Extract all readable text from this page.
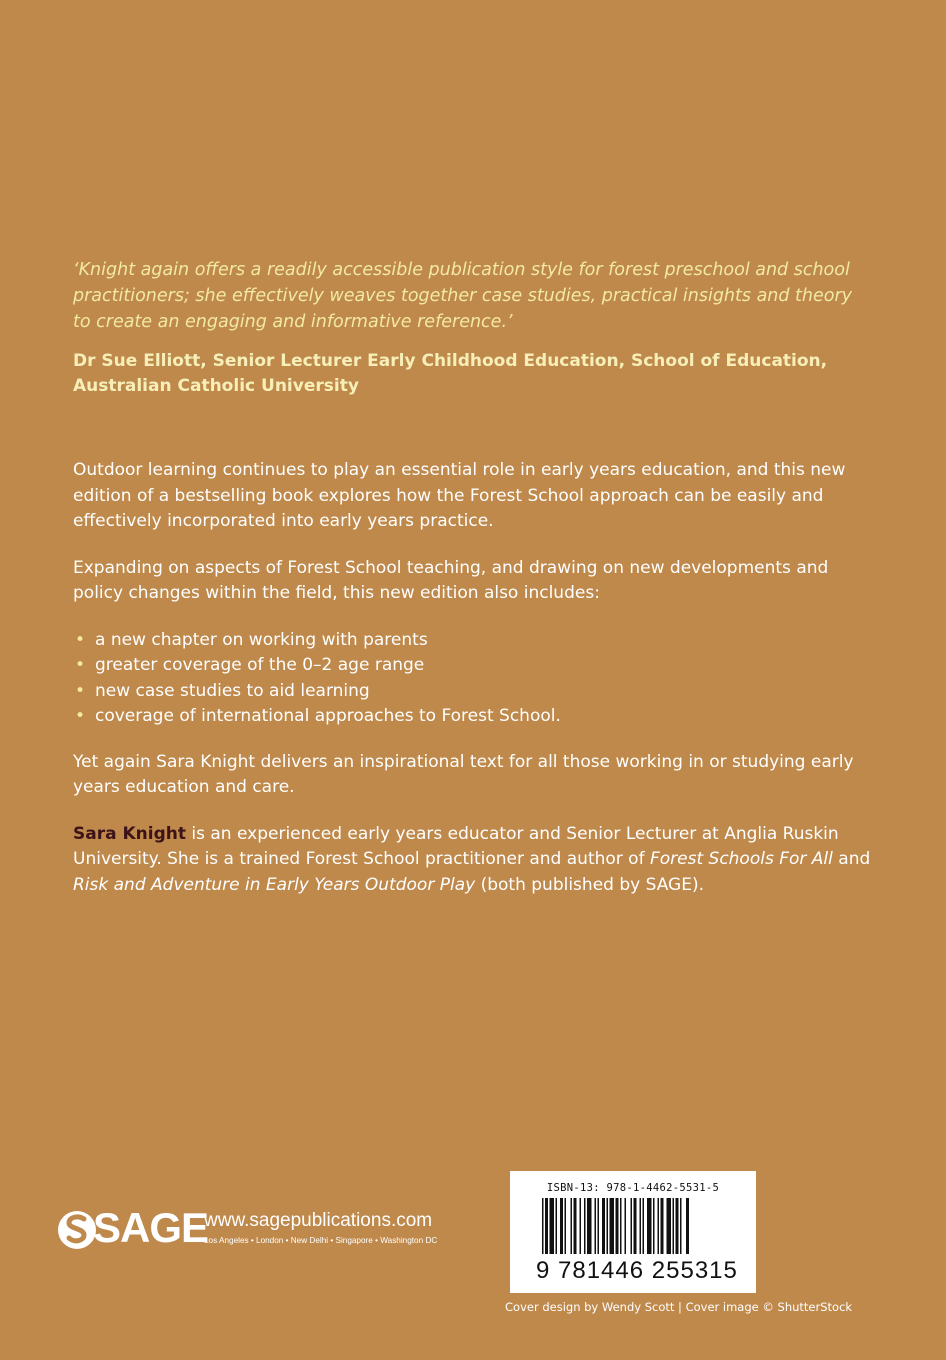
‘Knight again offers a readily accessible publication style for forest preschool and school practitioners; she effectively weaves together case studies, practical insights and theory to create an engaging and informative reference.’

Dr Sue Elliott, Senior Lecturer Early Childhood Education, School of Education, Australian Catholic University

Outdoor learning continues to play an essential role in early years education, and this new edition of a bestselling book explores how the Forest School approach can be easily and effectively incorporated into early years practice.

Expanding on aspects of Forest School teaching, and drawing on new developments and policy changes within the field, this new edition also includes:

• a new chapter on working with parents
• greater coverage of the 0–2 age range
• new case studies to aid learning
• coverage of international approaches to Forest School.

Yet again Sara Knight delivers an inspirational text for all those working in or studying early years education and care.

Sara Knight is an experienced early years educator and Senior Lecturer at Anglia Ruskin University. She is a trained Forest School practitioner and author of Forest Schools For All and Risk and Adventure in Early Years Outdoor Play (both published by SAGE).

SAGE
www.sagepublications.com
Los Angeles • London • New Delhi • Singapore • Washington DC
ISBN-13: 978-1-4462-5531-5
9 781446 255315
Cover design by Wendy Scott | Cover image © ShutterStock
